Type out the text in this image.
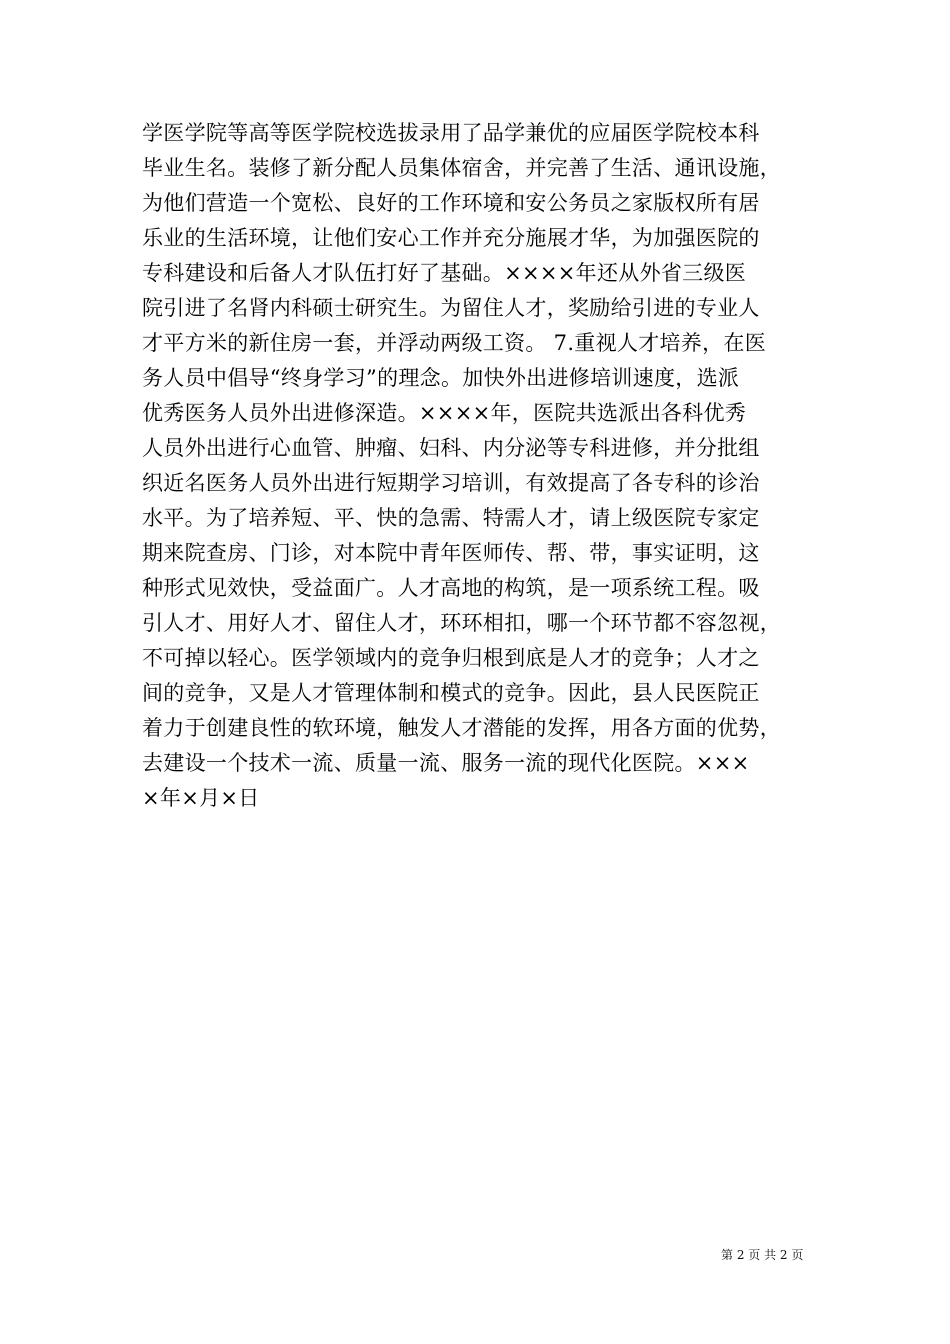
学医学院等高等医学院校选拔录用了品学兼优的应届医学院校本科
毕业生名。装修了新分配人员集体宿舍，并完善了生活、通讯设施，
为他们营造一个宽松、良好的工作环境和安公务员之家版权所有居
乐业的生活环境，让他们安心工作并充分施展才华，为加强医院的
专科建设和后备人才队伍打好了基础。××××年还从外省三级医
院引进了名肾内科硕士研究生。为留住人才，奖励给引进的专业人
才平方米的新住房一套，并浮动两级工资。 7.重视人才培养，在医
务人员中倡导“终身学习”的理念。加快外出进修培训速度，选派
优秀医务人员外出进修深造。××××年，医院共选派出各科优秀
人员外出进行心血管、肿瘤、妇科、内分泌等专科进修，并分批组
织近名医务人员外出进行短期学习培训，有效提高了各专科的诊治
水平。为了培养短、平、快的急需、特需人才，请上级医院专家定
期来院查房、门诊，对本院中青年医师传、帮、带，事实证明，这
种形式见效快，受益面广。人才高地的构筑，是一项系统工程。吸
引人才、用好人才、留住人才，环环相扣，哪一个环节都不容忽视，
不可掉以轻心。医学领域内的竞争归根到底是人才的竞争；人才之
间的竞争，又是人才管理体制和模式的竞争。因此，县人民医院正
着力于创建良性的软环境，触发人才潜能的发挥，用各方面的优势，
去建设一个技术一流、质量一流、服务一流的现代化医院。×××
×年×月×日
第 2 页 共 2 页
